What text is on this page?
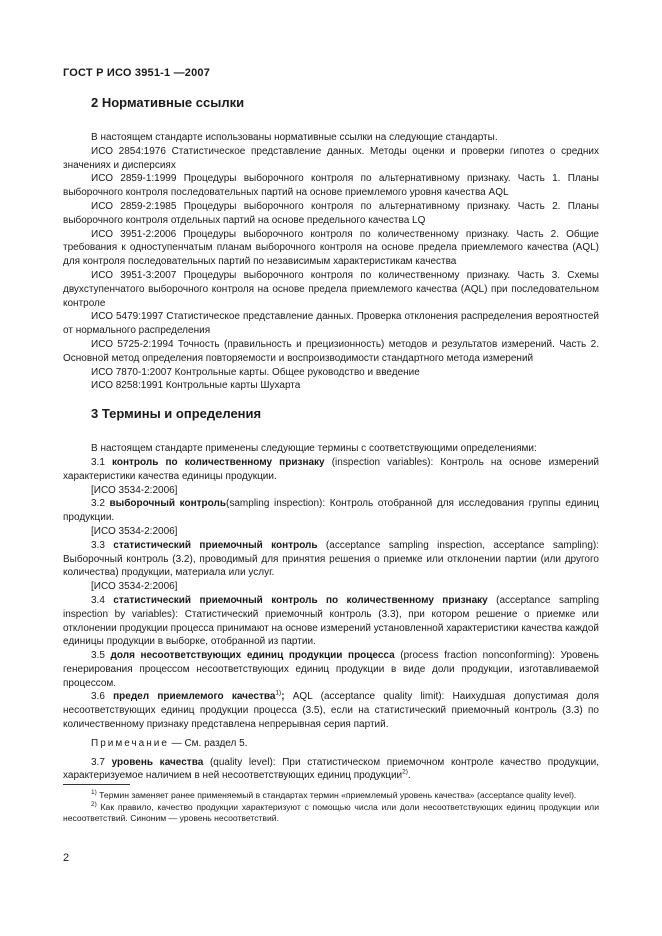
ГОСТ Р ИСО 3951-1 —2007
2 Нормативные ссылки

В настоящем стандарте использованы нормативные ссылки на следующие стандарты.

ИСО 2854:1976 Статистическое представление данных. Методы оценки и проверки гипотез о средних значениях и дисперсиях

ИСО 2859-1:1999 Процедуры выборочного контроля по альтернативному признаку. Часть 1. Планы выборочного контроля последовательных партий на основе приемлемого уровня качества AQL

ИСО 2859-2:1985 Процедуры выборочного контроля по альтернативному признаку. Часть 2. Планы выборочного контроля отдельных партий на основе предельного качества LQ

ИСО 3951-2:2006 Процедуры выборочного контроля по количественному признаку. Часть 2. Общие требования к одноступенчатым планам выборочного контроля на основе предела приемлемого качества (AQL) для контроля последовательных партий по независимым характеристикам качества

ИСО 3951-3:2007 Процедуры выборочного контроля по количественному признаку. Часть 3. Схемы двухступенчатого выборочного контроля на основе предела приемлемого качества (AQL) при последовательном контроле

ИСО 5479:1997 Статистическое представление данных. Проверка отклонения распределения вероятностей от нормального распределения

ИСО 5725-2:1994 Точность (правильность и прецизионность) методов и результатов измерений. Часть 2. Основной метод определения повторяемости и воспроизводимости стандартного метода измерений

ИСО 7870-1:2007 Контрольные карты. Общее руководство и введение

ИСО 8258:1991 Контрольные карты Шухарта

3 Термины и определения

В настоящем стандарте применены следующие термины с соответствующими определениями:

3.1 контроль по количественному признаку (inspection variables): Контроль на основе измерений характеристики качества единицы продукции.

[ИСО 3534-2:2006]

3.2 выборочный контроль(sampling inspection): Контроль отобранной для исследования группы единиц продукции.

[ИСО 3534-2:2006]

3.3 статистический приемочный контроль (acceptance sampling inspection, acceptance sampling): Выборочный контроль (3.2), проводимый для принятия решения о приемке или отклонении партии (или другого количества) продукции, материала или услуг.

[ИСО 3534-2:2006]

3.4 статистический приемочный контроль по количественному признаку (acceptance sampling inspection by variables): Статистический приемочный контроль (3.3), при котором решение о приемке или отклонении продукции процесса принимают на основе измерений установленной характеристики качества каждой единицы продукции в выборке, отобранной из партии.

3.5 доля несоответствующих единиц продукции процесса (process fraction nonconforming): Уровень генерирования процессом несоответствующих единиц продукции в виде доли продукции, изготавливаемой процессом.

3.6 предел приемлемого качества$^{1)}$; AQL (acceptance quality limit): Наихудшая допустимая доля несоответствующих единиц продукции процесса (3.5), если на статистический приемочный контроль (3.3) по количественному признаку представлена непрерывная серия партий.

Примечание — См. раздел 5.

3.7 уровень качества (quality level): При статистическом приемочном контроле качество продукции, характеризуемое наличием в ней несоответствующих единиц продукции$^{2)}$.

$^{1)}$ Термин заменяет ранее применяемый в стандартах термин «приемлемый уровень качества» (acceptance quality level).

$^{2)}$ Как правило, качество продукции характеризуют с помощью числа или доли несоответствующих единиц продукции или несоответствий. Синоним — уровень несоответствий.

2
